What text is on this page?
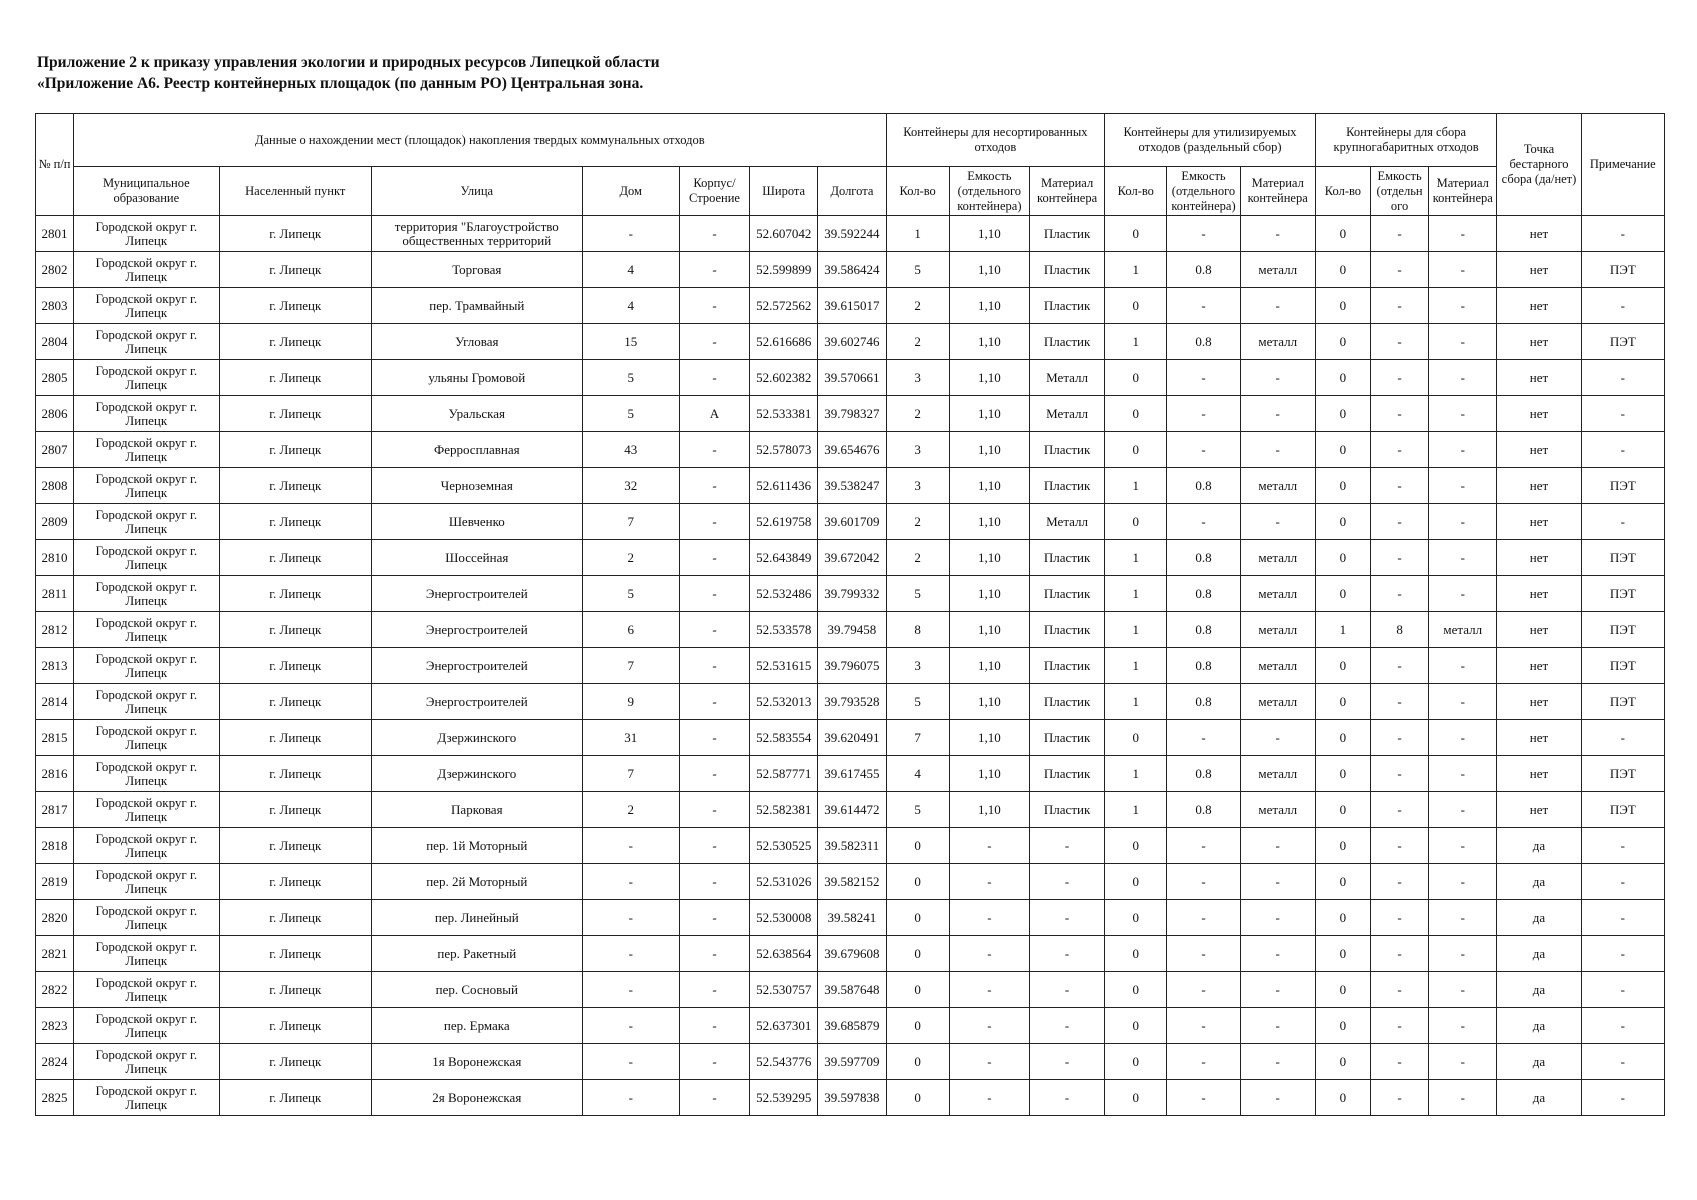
Приложение 2 к приказу управления экологии и природных ресурсов Липецкой области
«Приложение А6. Реестр контейнерных площадок (по данным РО) Центральная зона.
№ п/п	Данные о нахождении мест (площадок) накопления твердых коммунальных отходов							Контейнеры для несортированных отходов			Контейнеры для утилизируемых отходов (раздельный сбор)			Контейнеры для сбора крупногабаритных отходов			Точка бестарного сбора (да/нет)	Примечание
	Муниципальное образование	Населенный пункт	Улица	Дом	Корпус/ Строение	Широта	Долгота	Кол-во	Емкость (отдельного контейнера)	Материал контейнера	Кол-во	Емкость (отдельного контейнера)	Материал контейнера	Кол-во	Емкость (отдельн ого	Материал контейнера		
2801	Городской округ г. Липецк	г. Липецк	территория "Благоустройство общественных территорий	-	-	52.607042	39.592244	1	1,10	Пластик	0	-	-	0	-	-	нет	-
2802	Городской округ г. Липецк	г. Липецк	Торговая	4	-	52.599899	39.586424	5	1,10	Пластик	1	0.8	металл	0	-	-	нет	ПЭТ
2803	Городской округ г. Липецк	г. Липецк	пер. Трамвайный	4	-	52.572562	39.615017	2	1,10	Пластик	0	-	-	0	-	-	нет	-
2804	Городской округ г. Липецк	г. Липецк	Угловая	15	-	52.616686	39.602746	2	1,10	Пластик	1	0.8	металл	0	-	-	нет	ПЭТ
2805	Городской округ г. Липецк	г. Липецк	ульяны Громовой	5	-	52.602382	39.570661	3	1,10	Металл	0	-	-	0	-	-	нет	-
2806	Городской округ г. Липецк	г. Липецк	Уральская	5	А	52.533381	39.798327	2	1,10	Металл	0	-	-	0	-	-	нет	-
2807	Городской округ г. Липецк	г. Липецк	Ферросплавная	43	-	52.578073	39.654676	3	1,10	Пластик	0	-	-	0	-	-	нет	-
2808	Городской округ г. Липецк	г. Липецк	Черноземная	32	-	52.611436	39.538247	3	1,10	Пластик	1	0.8	металл	0	-	-	нет	ПЭТ
2809	Городской округ г. Липецк	г. Липецк	Шевченко	7	-	52.619758	39.601709	2	1,10	Металл	0	-	-	0	-	-	нет	-
2810	Городской округ г. Липецк	г. Липецк	Шоссейная	2	-	52.643849	39.672042	2	1,10	Пластик	1	0.8	металл	0	-	-	нет	ПЭТ
2811	Городской округ г. Липецк	г. Липецк	Энергостроителей	5	-	52.532486	39.799332	5	1,10	Пластик	1	0.8	металл	0	-	-	нет	ПЭТ
2812	Городской округ г. Липецк	г. Липецк	Энергостроителей	6	-	52.533578	39.79458	8	1,10	Пластик	1	0.8	металл	1	8	металл	нет	ПЭТ
2813	Городской округ г. Липецк	г. Липецк	Энергостроителей	7	-	52.531615	39.796075	3	1,10	Пластик	1	0.8	металл	0	-	-	нет	ПЭТ
2814	Городской округ г. Липецк	г. Липецк	Энергостроителей	9	-	52.532013	39.793528	5	1,10	Пластик	1	0.8	металл	0	-	-	нет	ПЭТ
2815	Городской округ г. Липецк	г. Липецк	Дзержинского	31	-	52.583554	39.620491	7	1,10	Пластик	0	-	-	0	-	-	нет	-
2816	Городской округ г. Липецк	г. Липецк	Дзержинского	7	-	52.587771	39.617455	4	1,10	Пластик	1	0.8	металл	0	-	-	нет	ПЭТ
2817	Городской округ г. Липецк	г. Липецк	Парковая	2	-	52.582381	39.614472	5	1,10	Пластик	1	0.8	металл	0	-	-	нет	ПЭТ
2818	Городской округ г. Липецк	г. Липецк	пер. 1й Моторный	-	-	52.530525	39.582311	0	-	-	0	-	-	0	-	-	да	-
2819	Городской округ г. Липецк	г. Липецк	пер. 2й Моторный	-	-	52.531026	39.582152	0	-	-	0	-	-	0	-	-	да	-
2820	Городской округ г. Липецк	г. Липецк	пер. Линейный	-	-	52.530008	39.58241	0	-	-	0	-	-	0	-	-	да	-
2821	Городской округ г. Липецк	г. Липецк	пер. Ракетный	-	-	52.638564	39.679608	0	-	-	0	-	-	0	-	-	да	-
2822	Городской округ г. Липецк	г. Липецк	пер. Сосновый	-	-	52.530757	39.587648	0	-	-	0	-	-	0	-	-	да	-
2823	Городской округ г. Липецк	г. Липецк	пер. Ермака	-	-	52.637301	39.685879	0	-	-	0	-	-	0	-	-	да	-
2824	Городской округ г. Липецк	г. Липецк	1я Воронежская	-	-	52.543776	39.597709	0	-	-	0	-	-	0	-	-	да	-
2825	Городской округ г. Липецк	г. Липецк	2я Воронежская	-	-	52.539295	39.597838	0	-	-	0	-	-	0	-	-	да	-
